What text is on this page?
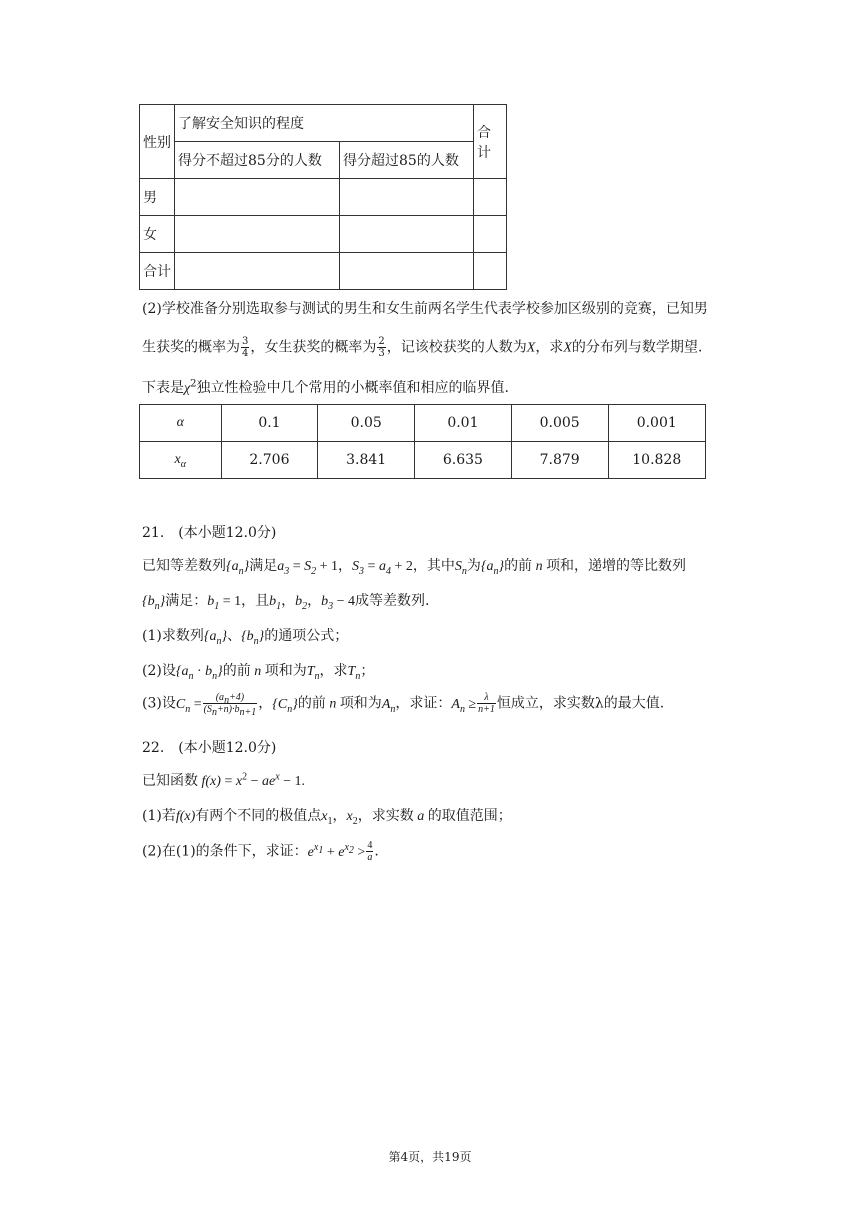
性别	了解安全知识的程度		合计
	得分不超过85分的人数	得分超过85的人数	
男			
女			
合计			
(2)学校准备分别选取参与测试的男生和女生前两名学生代表学校参加区级别的竞赛，已知男
生获奖的概率为 $\frac{3}{4}$ ，女生获奖的概率为 $\frac{2}{3}$ ，记该校获奖的人数为X，求X的分布列与数学期望.
下表是$\chi^2$独立性检验中几个常用的小概率值和相应的临界值.
α	0.1	0.05	0.01	0.005	0.001
$x_\alpha$	2.706	3.841	6.635	7.879	10.828
21.　(本小题12.0分)
已知等差数列$\{a_n\}$满足$a_3 = S_2 + 1$，$S_3 = a_4 + 2$，其中$S_n$为$\{a_n\}$的前 n 项和，递增的等比数列
$\{b_n\}$满足：$b_1 = 1$，且$b_1$，$b_2$，$b_3 - 4$成等差数列.
(1)求数列$\{a_n\}$、$\{b_n\}$的通项公式；
(2)设$\{a_n \cdot b_n\}$的前 n 项和为$T_n$，求$T_n$；
(3)设$C_n = \frac{(a_n+4)}{(S_n+n)\cdot b_{n+1}}$ ，$\{C_n\}$的前 n 项和为$A_n$，求证：$A_n \ge \frac{\lambda}{n+1}$ 恒成立，求实数λ的最大值.
22.　(本小题12.0分)
已知函数 $f(x) = x^2 - ae^x - 1$.
(1)若f(x)有两个不同的极值点$x_1$，$x_2$，求实数 a 的取值范围；
(2)在(1)的条件下，求证：$e^{x_1} + e^{x_2} > \frac{4}{a}$ .
第4页，共19页
